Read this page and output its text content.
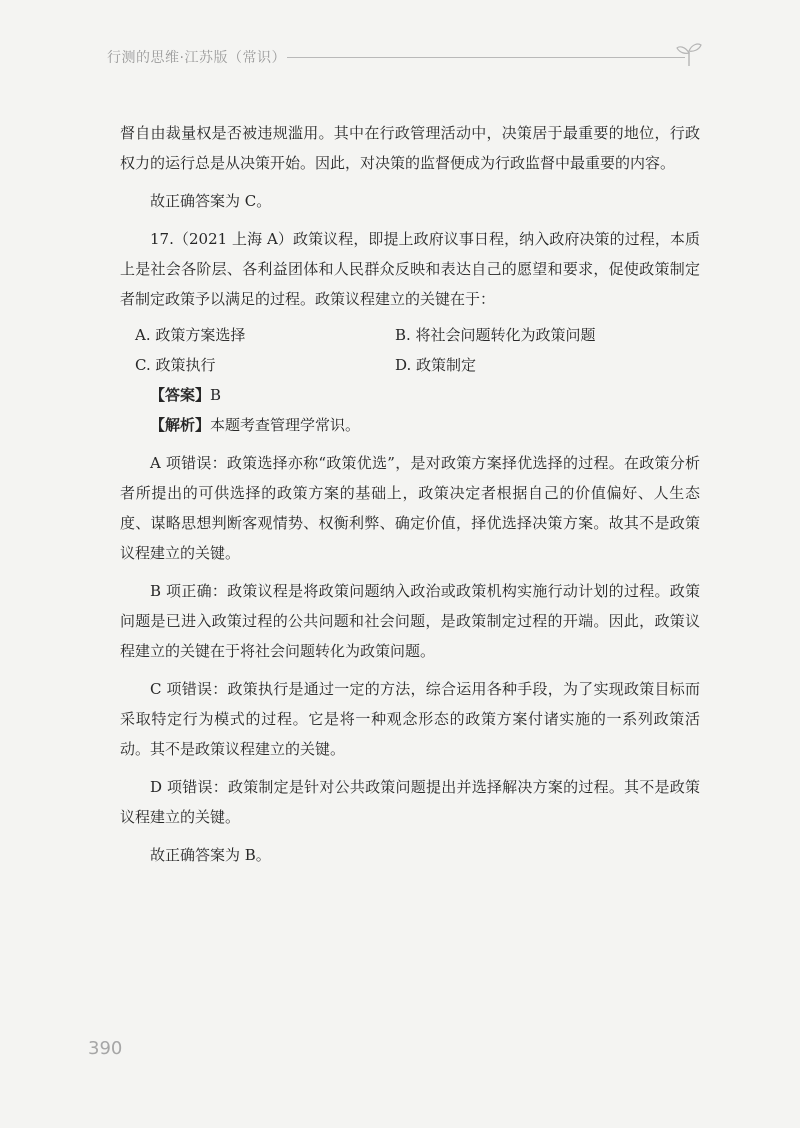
行测的思维·江苏版（常识）

督自由裁量权是否被违规滥用。其中在行政管理活动中，决策居于最重要的地位，行政权力的运行总是从决策开始。因此，对决策的监督便成为行政监督中最重要的内容。

故正确答案为 C。

17.（2021 上海 A）政策议程，即提上政府议事日程，纳入政府决策的过程，本质上是社会各阶层、各利益团体和人民群众反映和表达自己的愿望和要求，促使政策制定者制定政策予以满足的过程。政策议程建立的关键在于：

A. 政策方案选择	B. 将社会问题转化为政策问题
C. 政策执行	D. 政策制定

【答案】B

【解析】本题考查管理学常识。

A 项错误：政策选择亦称“政策优选”，是对政策方案择优选择的过程。在政策分析者所提出的可供选择的政策方案的基础上，政策决定者根据自己的价值偏好、人生态度、谋略思想判断客观情势、权衡利弊、确定价值，择优选择决策方案。故其不是政策议程建立的关键。

B 项正确：政策议程是将政策问题纳入政治或政策机构实施行动计划的过程。政策问题是已进入政策过程的公共问题和社会问题，是政策制定过程的开端。因此，政策议程建立的关键在于将社会问题转化为政策问题。

C 项错误：政策执行是通过一定的方法，综合运用各种手段，为了实现政策目标而采取特定行为模式的过程。它是将一种观念形态的政策方案付诸实施的一系列政策活动。其不是政策议程建立的关键。

D 项错误：政策制定是针对公共政策问题提出并选择解决方案的过程。其不是政策议程建立的关键。

故正确答案为 B。

390
